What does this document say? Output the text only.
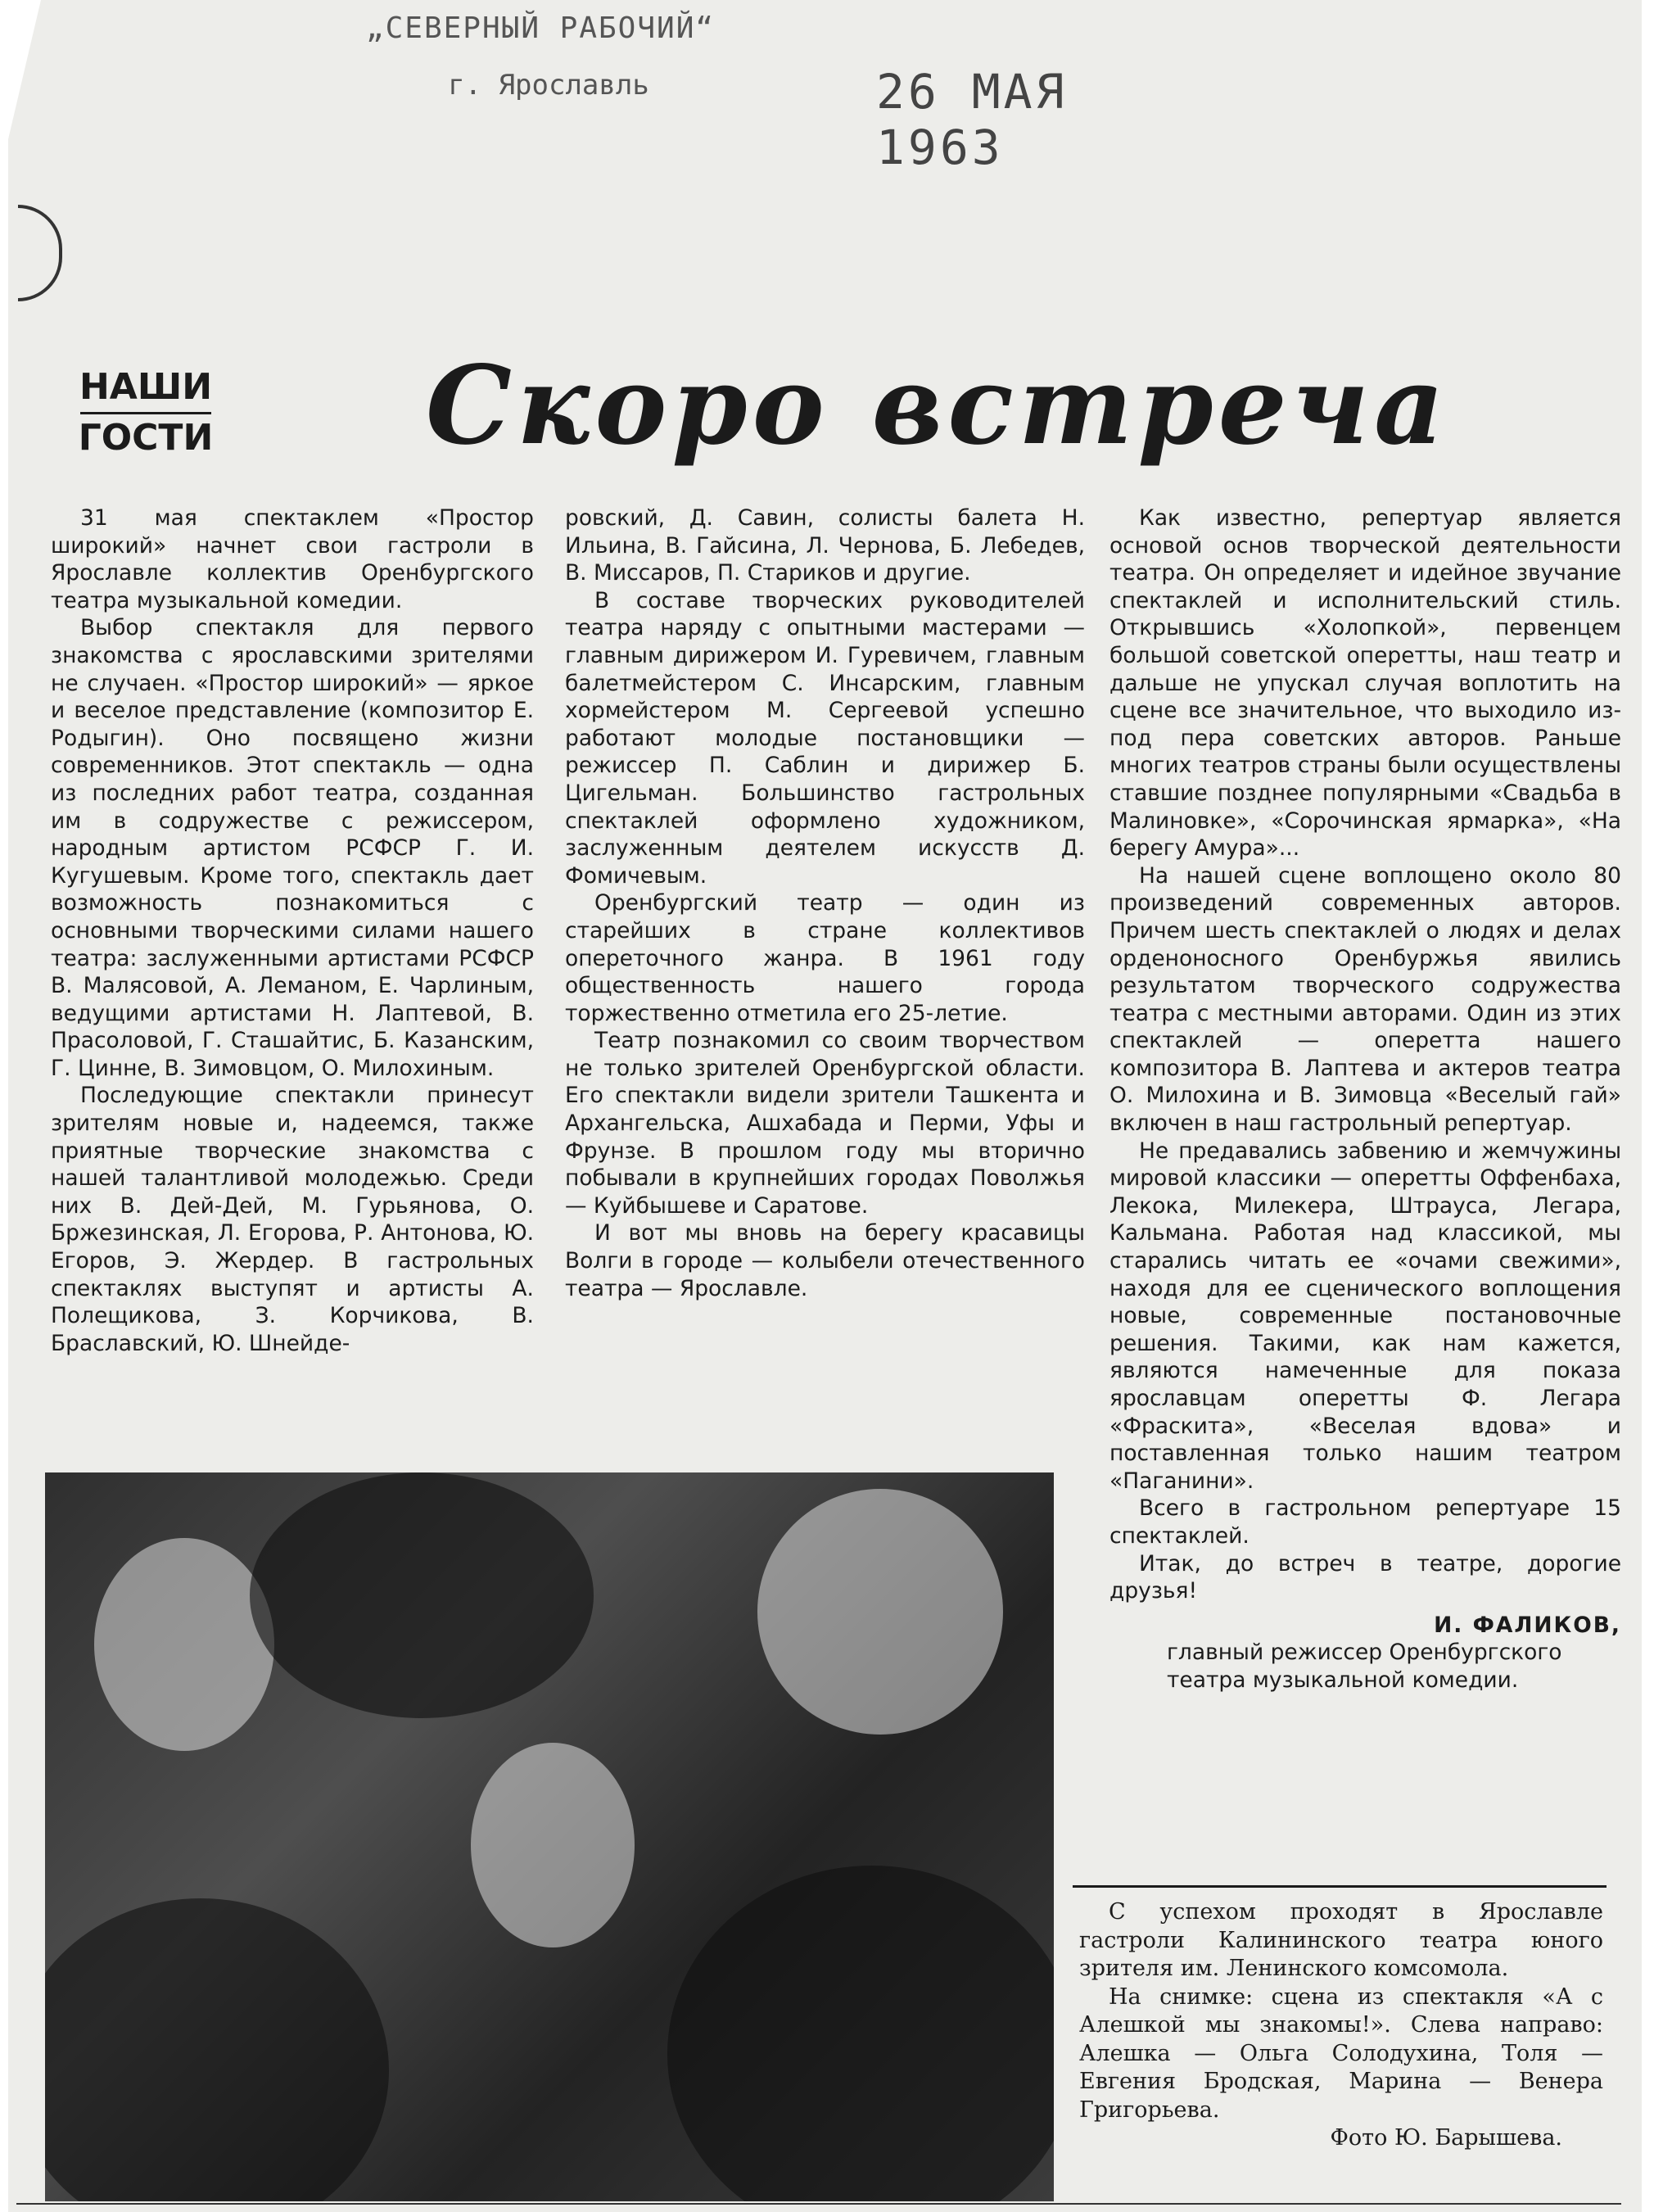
„СЕВЕРНЫЙ РАБОЧИЙ“
г. Ярославль	26 МАЯ 1963
НАШИ
ГОСТИ Скоро встреча

31 мая спектаклем «Простор широкий» начнет свои гастроли в Ярославле коллектив Оренбургского театра музыкальной комедии.

Выбор спектакля для первого знакомства с ярославскими зрителями не случаен. «Простор широкий» — яркое и веселое представление (композитор Е. Родыгин). Оно посвящено жизни современников. Этот спектакль — одна из последних работ театра, созданная им в содружестве с режиссером, народным артистом РСФСР Г. И. Кугушевым. Кроме того, спектакль дает возможность познакомиться с основными творческими силами нашего театра: заслуженными артистами РСФСР В. Малясовой, А. Леманом, Е. Чарлиным, ведущими артистами Н. Лаптевой, В. Прасоловой, Г. Сташайтис, Б. Казанским, Г. Цинне, В. Зимовцом, О. Милохиным.

Последующие спектакли принесут зрителям новые и, надеемся, также приятные творческие знакомства с нашей талантливой молодежью. Среди них В. Дей-Дей, М. Гурьянова, О. Бржезинская, Л. Егорова, Р. Антонова, Ю. Егоров, Э. Жердер. В гастрольных спектаклях выступят и артисты А. Полещикова, З. Корчикова, В. Браславский, Ю. Шнейде-

ровский, Д. Савин, солисты балета Н. Ильина, В. Гайсина, Л. Чернова, Б. Лебедев, В. Миссаров, П. Стариков и другие.

В составе творческих руководителей театра наряду с опытными мастерами — главным дирижером И. Гуревичем, главным балетмейстером С. Инсарским, главным хормейстером М. Сергеевой успешно работают молодые постановщики — режиссер П. Саблин и дирижер Б. Цигельман. Большинство гастрольных спектаклей оформлено художником, заслуженным деятелем искусств Д. Фомичевым.

Оренбургский театр — один из старейших в стране коллективов опереточного жанра. В 1961 году общественность нашего города торжественно отметила его 25-летие.

Театр познакомил со своим творчеством не только зрителей Оренбургской области. Его спектакли видели зрители Ташкента и Архангельска, Ашхабада и Перми, Уфы и Фрунзе. В прошлом году мы вторично побывали в крупнейших городах Поволжья — Куйбышеве и Саратове.

И вот мы вновь на берегу красавицы Волги в городе — колыбели отечественного театра — Ярославле.

Как известно, репертуар является основой основ творческой деятельности театра. Он определяет и идейное звучание спектаклей и исполнительский стиль. Открывшись «Холопкой», первенцем большой советской оперетты, наш театр и дальше не упускал случая воплотить на сцене все значительное, что выходило из-под пера советских авторов. Раньше многих театров страны были осуществлены ставшие позднее популярными «Свадьба в Малиновке», «Сорочинская ярмарка», «На берегу Амура»...

На нашей сцене воплощено около 80 произведений современных авторов. Причем шесть спектаклей о людях и делах орденоносного Оренбуржья явились результатом творческого содружества театра с местными авторами. Один из этих спектаклей — оперетта нашего композитора В. Лаптева и актеров театра О. Милохина и В. Зимовца «Веселый гай» включен в наш гастрольный репертуар.

Не предавались забвению и жемчужины мировой классики — оперетты Оффенбаха, Лекока, Милекера, Штрауса, Легара, Кальмана. Работая над классикой, мы старались читать ее «очами свежими», находя для ее сценического воплощения новые, современные постановочные решения. Такими, как нам кажется, являются намеченные для показа ярославцам оперетты Ф. Легара «Фраскита», «Веселая вдова» и поставленная только нашим театром «Паганини».

Всего в гастрольном репертуаре 15 спектаклей.

Итак, до встреч в театре, дорогие друзья!

И. ФАЛИКОВ,
главный режиссер Оренбургского театра музыкальной комедии.

С успехом проходят в Ярославле гастроли Калининского театра юного зрителя им. Ленинского комсомола.

На снимке: сцена из спектакля «А с Алешкой мы знакомы!». Слева направо: Алешка — Ольга Солодухина, Толя — Евгения Бродская, Марина — Венера Григорьева.

Фото Ю. Барышева.
